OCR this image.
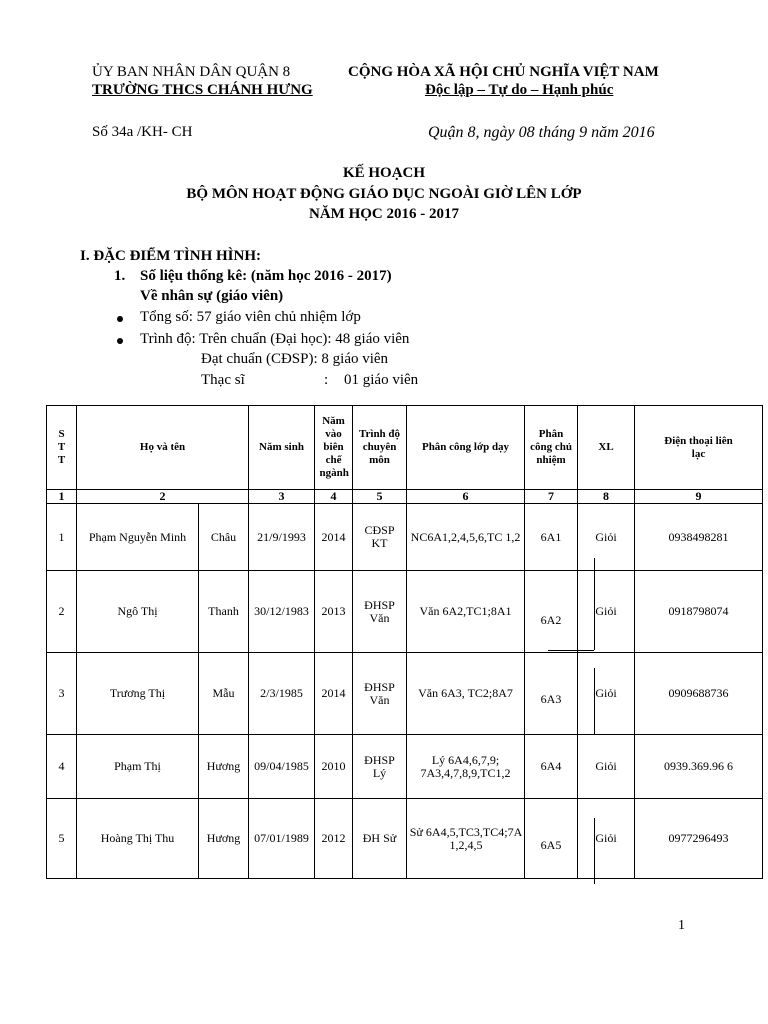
ỦY BAN NHÂN DÂN QUẬN 8
TRƯỜNG THCS CHÁNH HƯNG
CỘNG HÒA XÃ HỘI CHỦ NGHĨA VIỆT NAM
Độc lập – Tự do – Hạnh phúc
Số 34a /KH- CH	Quận 8, ngày 08 tháng 9 năm 2016
KẾ HOẠCH
BỘ MÔN HOẠT ĐỘNG GIÁO DỤC NGOÀI GIỜ LÊN LỚP
NĂM HỌC 2016 - 2017
I. ĐẶC ĐIỂM TÌNH HÌNH:
1. Số liệu thống kê: (năm học 2016 - 2017)
Về nhân sự (giáo viên)
Tổng số: 57 giáo viên chủ nhiệm lớp
Trình độ: Trên chuẩn (Đại học): 48 giáo viên
Đạt chuẩn (CĐSP): 8 giáo viên
Thạc sĩ	: 01 giáo viên
S T T	Họ và tên		Năm sinh	Năm vào biên chế ngành	Trình độ chuyên môn	Phân công lớp dạy	Phân công chủ nhiệm	XL	Điện thoại liên lạc
1	2		3	4	5	6	7	8	9
1	Phạm Nguyễn Minh	Châu	21/9/1993	2014	CĐSP KT	NC6A1,2,4,5,6,TC 1,2	6A1	Giỏi	0938498281
2	Ngô Thị	Thanh	30/12/1983	2013	ĐHSP Văn	Văn 6A2,TC1;8A1	6A2	Giỏi	0918798074
3	Trương Thị	Mẫu	2/3/1985	2014	ĐHSP Văn	Văn 6A3, TC2;8A7	6A3	Giỏi	0909688736
4	Phạm Thị	Hương	09/04/1985	2010	ĐHSP Lý	Lý 6A4,6,7,9; 7A3,4,7,8,9,TC1,2	6A4	Giỏi	0939.369.96 6
5	Hoàng Thị Thu	Hương	07/01/1989	2012	ĐH Sử	Sử 6A4,5,TC3,TC4;7A 1,2,4,5	6A5	Giỏi	0977296493
1
